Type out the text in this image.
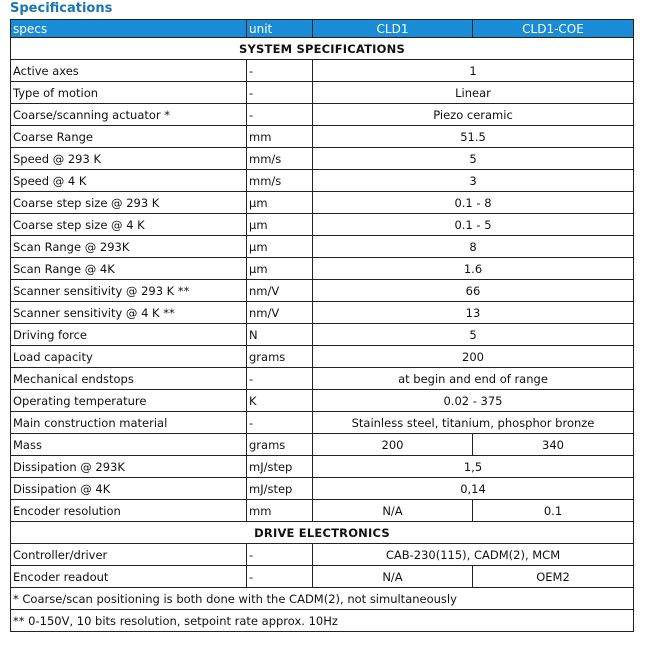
Specifications
specs	unit	CLD1	CLD1-COE
SYSTEM SPECIFICATIONS			
Active axes	-	1	
Type of motion	-	Linear	
Coarse/scanning actuator *	-	Piezo ceramic	
Coarse Range	mm	51.5	
Speed @ 293 K	mm/s	5	
Speed @ 4 K	mm/s	3	
Coarse step size @ 293 K	µm	0.1 - 8	
Coarse step size @ 4 K	µm	0.1 - 5	
Scan Range @ 293K	µm	8	
Scan Range @ 4K	µm	1.6	
Scanner sensitivity @ 293 K **	nm/V	66	
Scanner sensitivity @ 4 K **	nm/V	13	
Driving force	N	5	
Load capacity	grams	200	
Mechanical endstops	-	at begin and end of range	
Operating temperature	K	0.02 - 375	
Main construction material	-	Stainless steel, titanium, phosphor bronze	
Mass	grams	200	340
Dissipation @ 293K	mJ/step	1,5	
Dissipation @ 4K	mJ/step	0,14	
Encoder resolution	mm	N/A	0.1
DRIVE ELECTRONICS			
Controller/driver	-	CAB-230(115), CADM(2), MCM	
Encoder readout	-	N/A	OEM2
* Coarse/scan positioning is both done with the CADM(2), not simultaneously			
** 0-150V, 10 bits resolution, setpoint rate approx. 10Hz			
